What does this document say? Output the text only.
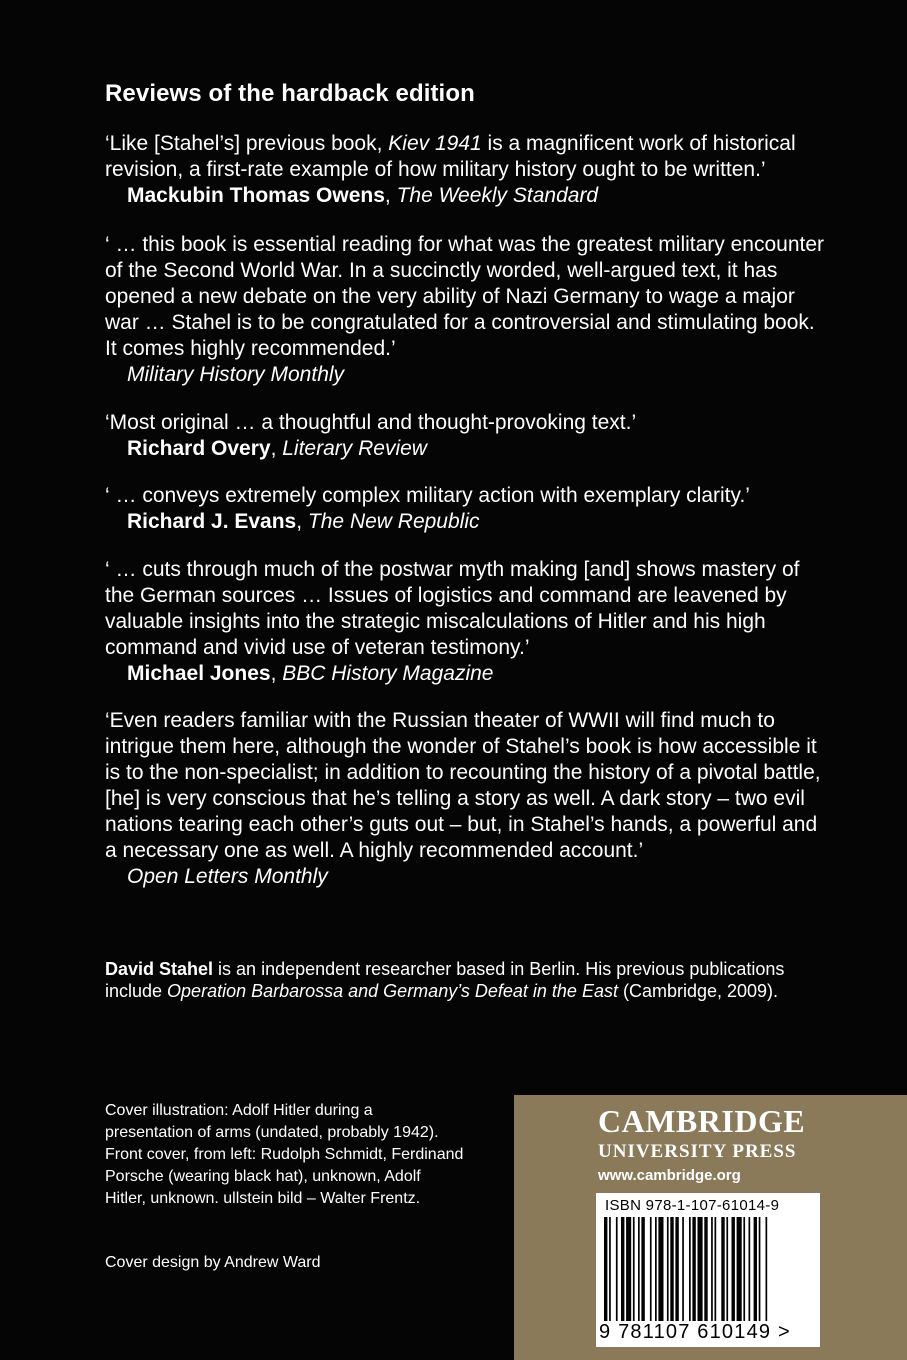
Reviews of the hardback edition

‘Like [Stahel’s] previous book, Kiev 1941 is a magnificent work of historical revision, a first-rate example of how military history ought to be written.’

Mackubin Thomas Owens, The Weekly Standard

‘ … this book is essential reading for what was the greatest military encounter of the Second World War. In a succinctly worded, well-argued text, it has opened a new debate on the very ability of Nazi Germany to wage a major war … Stahel is to be congratulated for a controversial and stimulating book. It comes highly recommended.’

Military History Monthly

‘Most original … a thoughtful and thought-provoking text.’

Richard Overy, Literary Review

‘ … conveys extremely complex military action with exemplary clarity.’

Richard J. Evans, The New Republic

‘ … cuts through much of the postwar myth making [and] shows mastery of the German sources … Issues of logistics and command are leavened by valuable insights into the strategic miscalculations of Hitler and his high command and vivid use of veteran testimony.’

Michael Jones, BBC History Magazine

‘Even readers familiar with the Russian theater of WWII will find much to intrigue them here, although the wonder of Stahel’s book is how accessible it is to the non-specialist; in addition to recounting the history of a pivotal battle, [he] is very conscious that he’s telling a story as well. A dark story – two evil nations tearing each other’s guts out – but, in Stahel’s hands, a powerful and a necessary one as well. A highly recommended account.’

Open Letters Monthly

David Stahel is an independent researcher based in Berlin. His previous publications include Operation Barbarossa and Germany’s Defeat in the East (Cambridge, 2009).
Cover illustration: Adolf Hitler during a presentation of arms (undated, probably 1942). Front cover, from left: Rudolph Schmidt, Ferdinand Porsche (wearing black hat), unknown, Adolf Hitler, unknown. ullstein bild – Walter Frentz.
Cover design by Andrew Ward
CAMBRIDGE
UNIVERSITY PRESS
www.cambridge.org
ISBN 978-1-107-61014-9
9 781107 610149 >
